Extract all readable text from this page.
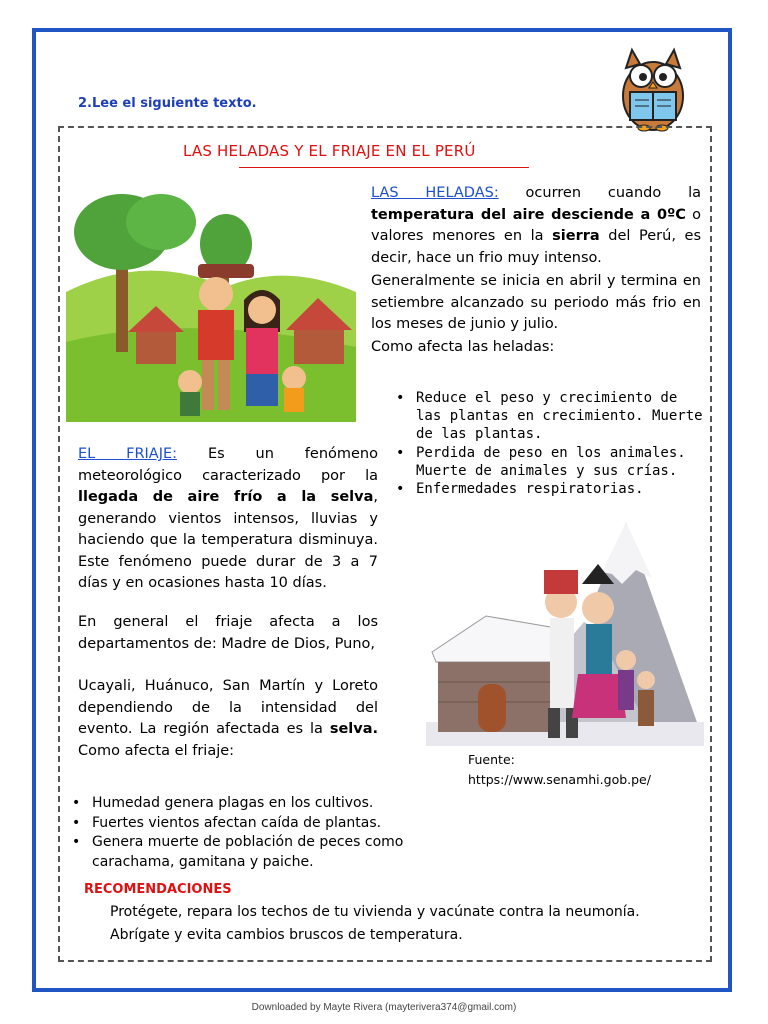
2.Lee el siguiente texto.
LAS HELADAS Y EL FRIAJE EN EL PERÚ
LAS HELADAS: ocurren cuando la temperatura del aire desciende a 0ºC o valores menores en la sierra del Perú, es decir, hace un frio muy intenso.
Generalmente se inicia en abril y termina en setiembre alcanzado su periodo más frio en los meses de junio y julio.
Como afecta las heladas:
• Reduce el peso y crecimiento de las plantas en crecimiento. Muerte de las plantas.
• Perdida de peso en los animales. Muerte de animales y sus crías.
• Enfermedades respiratorias.
EL FRIAJE: Es un fenómeno meteorológico caracterizado por la llegada de aire frío a la selva, generando vientos intensos, lluvias y haciendo que la temperatura disminuya. Este fenómeno puede durar de 3 a 7 días y en ocasiones hasta 10 días.
En general el friaje afecta a los departamentos de: Madre de Dios, Puno,
Ucayali, Huánuco, San Martín y Loreto dependiendo de la intensidad del evento. La región afectada es la selva. Como afecta el friaje:
Fuente:
https://www.senamhi.gob.pe/
• Humedad genera plagas en los cultivos.
• Fuertes vientos afectan caída de plantas.
• Genera muerte de población de peces como carachama, gamitana y paiche.
RECOMENDACIONES
Protégete, repara los techos de tu vivienda y vacúnate contra la neumonía.
Abrígate y evita cambios bruscos de temperatura.
Downloaded by Mayte Rivera (mayterivera374@gmail.com)
